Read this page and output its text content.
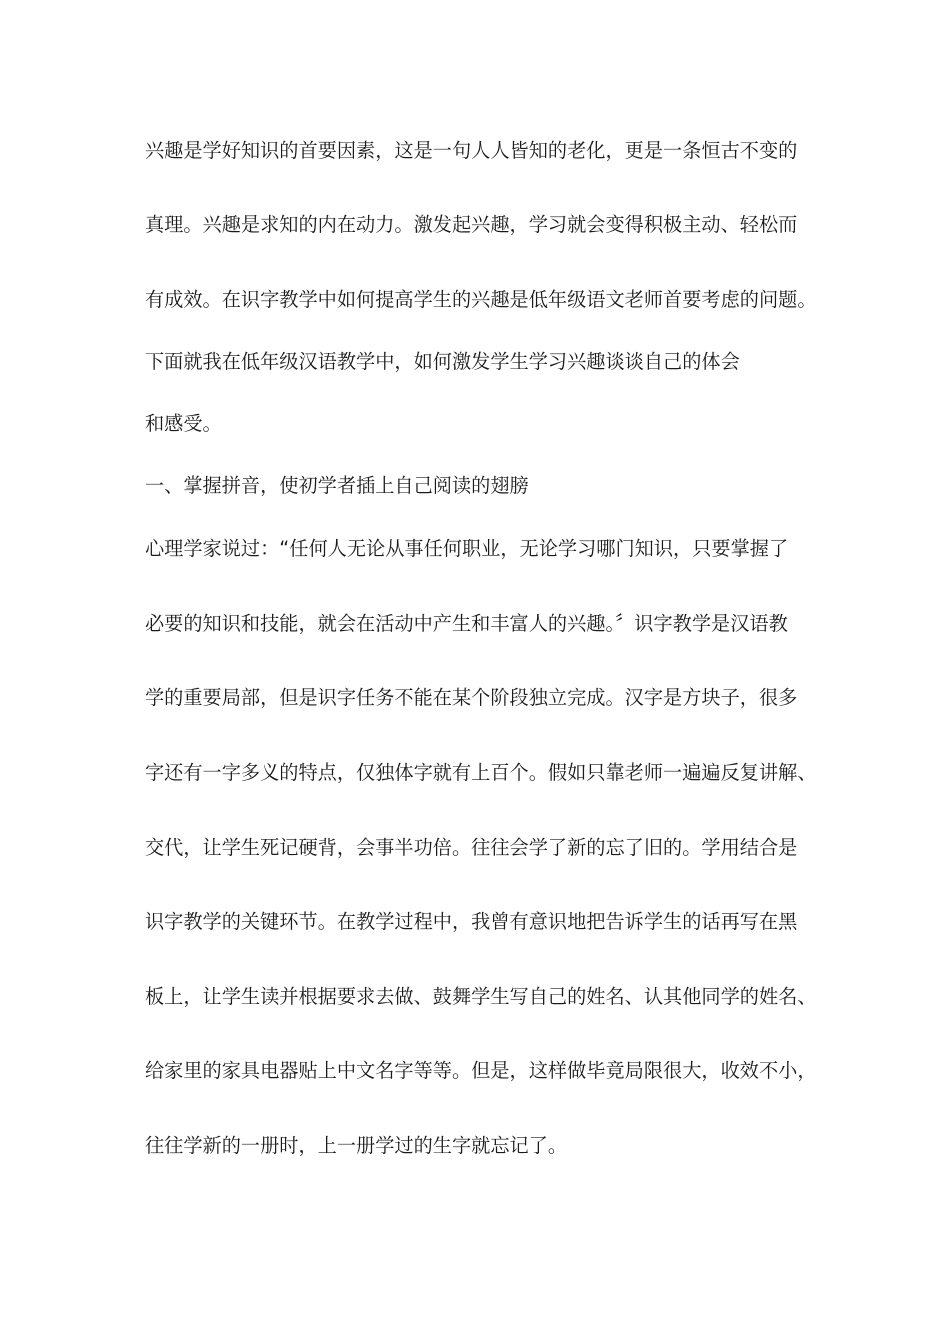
兴趣是学好知识的首要因素，这是一句人人皆知的老化，更是一条恒古不变的

真理。兴趣是求知的内在动力。激发起兴趣，学习就会变得积极主动、轻松而

有成效。在识字教学中如何提高学生的兴趣是低年级语文老师首要考虑的问题。

下面就我在低年级汉语教学中，如何激发学生学习兴趣谈谈自己的体会

和感受。

一、掌握拼音，使初学者插上自己阅读的翅膀

心理学家说过：“任何人无论从事任何职业，无论学习哪门知识，只要掌握了

必要的知识和技能，就会在活动中产生和丰富人的兴趣。〞识字教学是汉语教

学的重要局部，但是识字任务不能在某个阶段独立完成。汉字是方块子，很多

字还有一字多义的特点，仅独体字就有上百个。假如只靠老师一遍遍反复讲解、

交代，让学生死记硬背，会事半功倍。往往会学了新的忘了旧的。学用结合是

识字教学的关键环节。在教学过程中，我曾有意识地把告诉学生的话再写在黑

板上，让学生读并根据要求去做、鼓舞学生写自己的姓名、认其他同学的姓名、

给家里的家具电器贴上中文名字等等。但是，这样做毕竟局限很大，收效不小，

往往学新的一册时，上一册学过的生字就忘记了。
